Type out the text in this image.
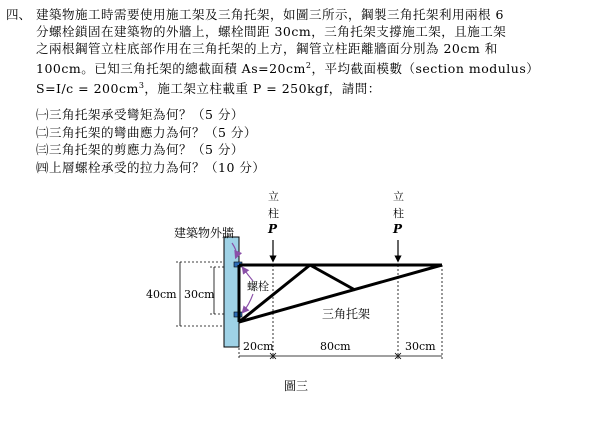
四、 建築物施工時需要使用施工架及三角托架，如圖三所示，鋼製三角托架利用兩根 6
分螺栓鎖固在建築物的外牆上，螺栓間距 30cm，三角托架支撐施工架，且施工架
之兩根鋼管立柱底部作用在三角托架的上方，鋼管立柱距離牆面分別為 20cm 和
100cm。已知三角托架的總截面積 $As=20cm^2$，平均截面模數（section modulus）
$S=I/c = 200cm^3$，施工架立柱載重 P = 250kgf，請問：
㈠三角托架承受彎矩為何？（5 分）
㈡三角托架的彎曲應力為何？（5 分）
㈢三角托架的剪應力為何？（5 分）
㈣上層螺栓承受的拉力為何？（10 分）
立
柱
P
立
柱
P
建築物外牆
螺栓
三角托架
40cm 30cm
20cm	80cm	30cm
圖三
